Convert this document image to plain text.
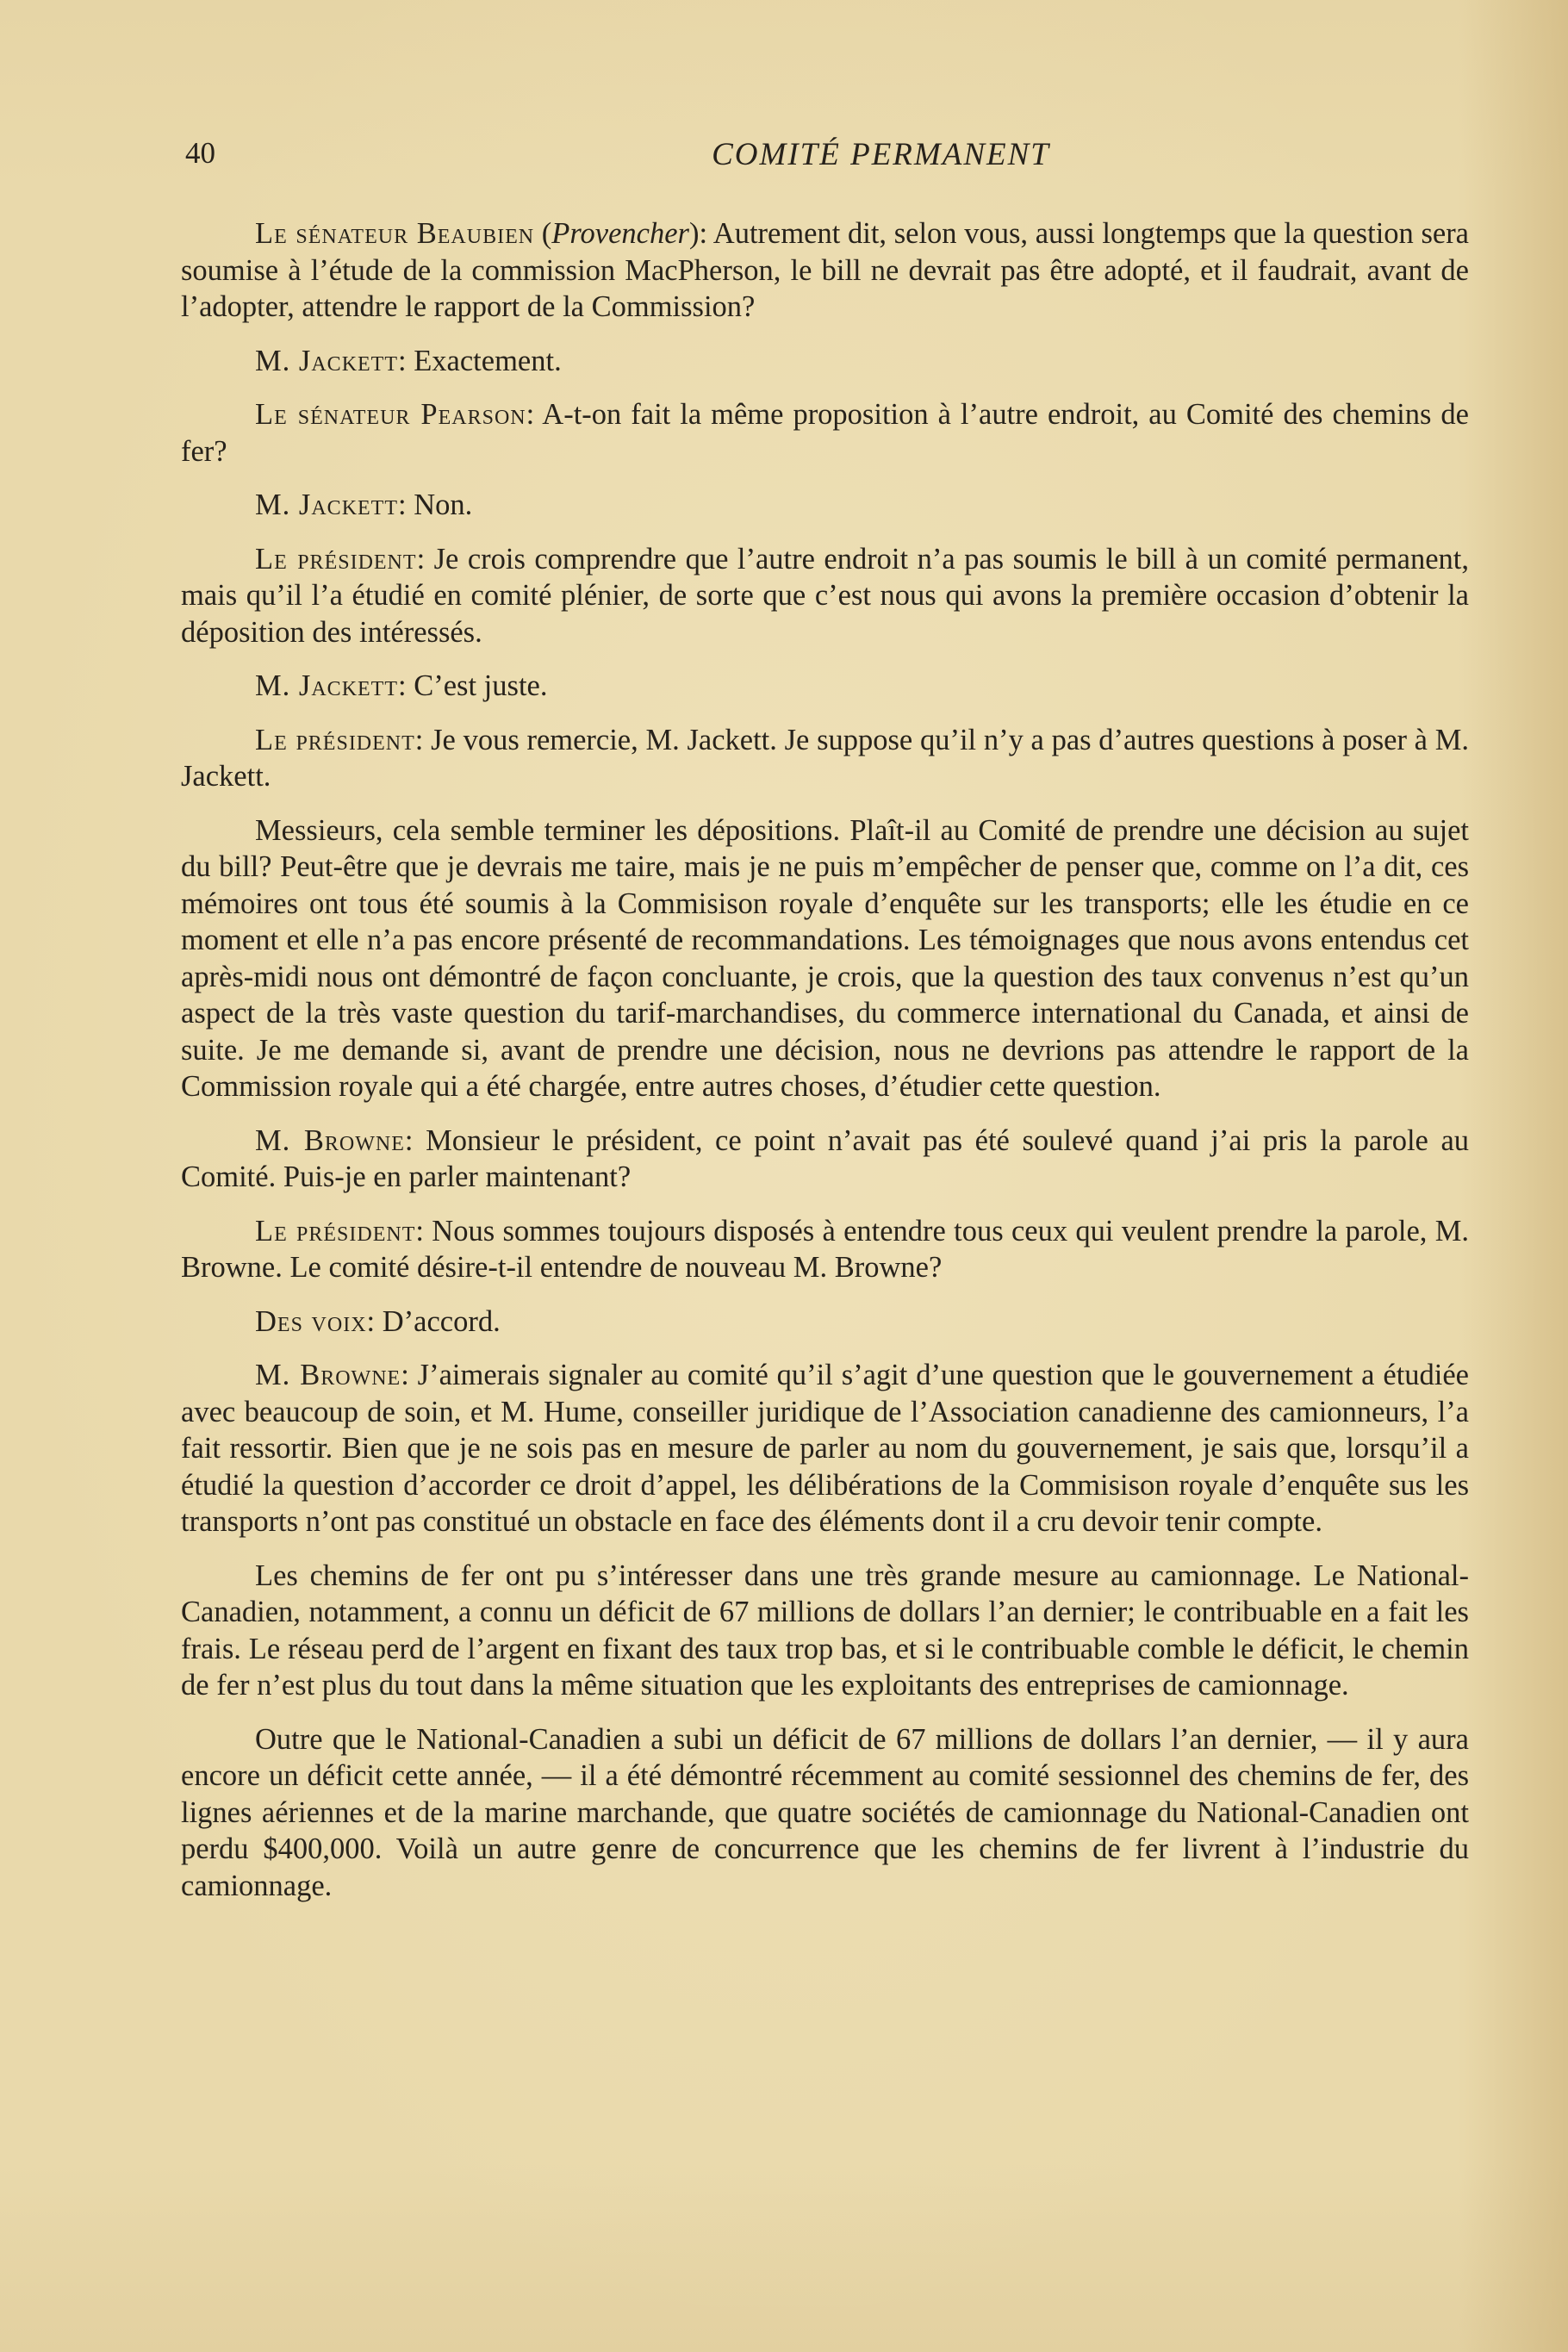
40	COMITÉ PERMANENT

Le sénateur Beaubien (Provencher): Autrement dit, selon vous, aussi longtemps que la question sera soumise à l’étude de la commission MacPherson, le bill ne devrait pas être adopté, et il faudrait, avant de l’adopter, attendre le rapport de la Commission?

M. Jackett: Exactement.

Le sénateur Pearson: A-t-on fait la même proposition à l’autre endroit, au Comité des chemins de fer?

M. Jackett: Non.

Le président: Je crois comprendre que l’autre endroit n’a pas soumis le bill à un comité permanent, mais qu’il l’a étudié en comité plénier, de sorte que c’est nous qui avons la première occasion d’obtenir la déposition des intéressés.

M. Jackett: C’est juste.

Le président: Je vous remercie, M. Jackett. Je suppose qu’il n’y a pas d’autres questions à poser à M. Jackett.

Messieurs, cela semble terminer les dépositions. Plaît-il au Comité de prendre une décision au sujet du bill? Peut-être que je devrais me taire, mais je ne puis m’empêcher de penser que, comme on l’a dit, ces mémoires ont tous été soumis à la Commisison royale d’enquête sur les transports; elle les étudie en ce moment et elle n’a pas encore présenté de recommandations. Les témoignages que nous avons entendus cet après-midi nous ont démontré de façon concluante, je crois, que la question des taux convenus n’est qu’un aspect de la très vaste question du tarif-marchandises, du commerce international du Canada, et ainsi de suite. Je me demande si, avant de prendre une décision, nous ne devrions pas attendre le rapport de la Commission royale qui a été chargée, entre autres choses, d’étudier cette question.

M. Browne: Monsieur le président, ce point n’avait pas été soulevé quand j’ai pris la parole au Comité. Puis-je en parler maintenant?

Le président: Nous sommes toujours disposés à entendre tous ceux qui veulent prendre la parole, M. Browne. Le comité désire-t-il entendre de nouveau M. Browne?

Des voix: D’accord.

M. Browne: J’aimerais signaler au comité qu’il s’agit d’une question que le gouvernement a étudiée avec beaucoup de soin, et M. Hume, conseiller juridique de l’Association canadienne des camionneurs, l’a fait ressortir. Bien que je ne sois pas en mesure de parler au nom du gouvernement, je sais que, lorsqu’il a étudié la question d’accorder ce droit d’appel, les délibérations de la Commisison royale d’enquête sus les transports n’ont pas constitué un obstacle en face des éléments dont il a cru devoir tenir compte.

Les chemins de fer ont pu s’intéresser dans une très grande mesure au camionnage. Le National-Canadien, notamment, a connu un déficit de 67 millions de dollars l’an dernier; le contribuable en a fait les frais. Le réseau perd de l’argent en fixant des taux trop bas, et si le contribuable comble le déficit, le chemin de fer n’est plus du tout dans la même situation que les exploitants des entreprises de camionnage.

Outre que le National-Canadien a subi un déficit de 67 millions de dollars l’an dernier, — il y aura encore un déficit cette année, — il a été démontré récemment au comité sessionnel des chemins de fer, des lignes aériennes et de la marine marchande, que quatre sociétés de camionnage du National-Canadien ont perdu $400,000. Voilà un autre genre de concurrence que les chemins de fer livrent à l’industrie du camionnage.
